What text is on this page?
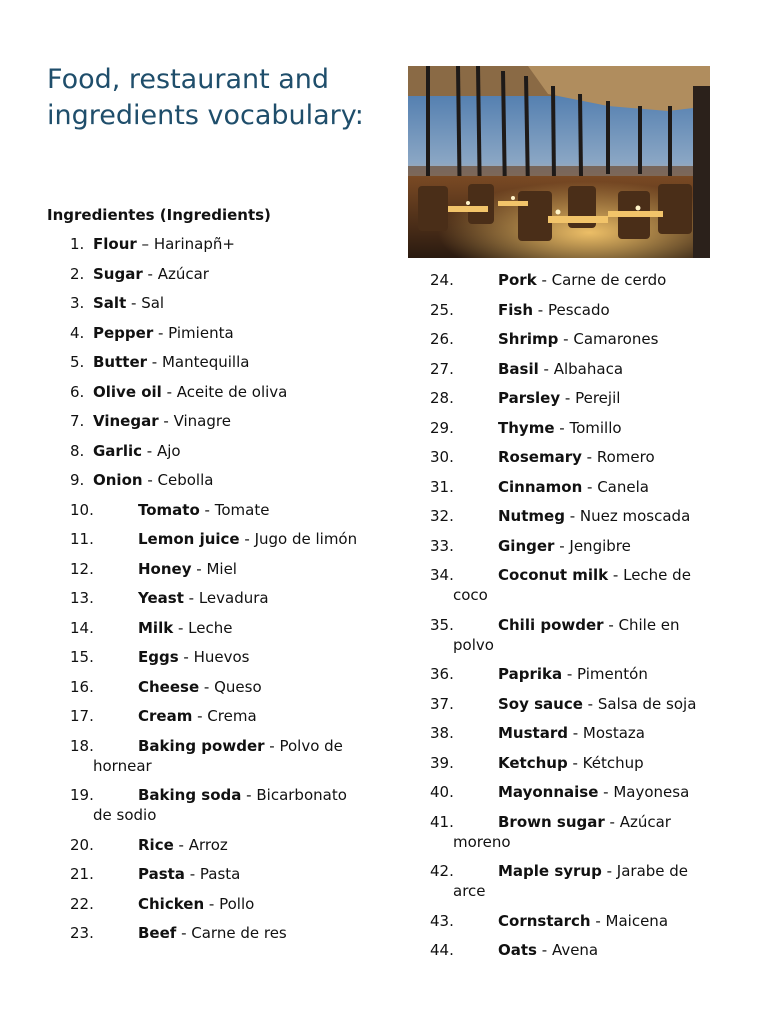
Food, restaurant and ingredients vocabulary:
Ingredientes (Ingredients)
1. Flour – Harinapñ+
2. Sugar - Azúcar
3. Salt - Sal
4. Pepper - Pimienta
5. Butter - Mantequilla
6. Olive oil - Aceite de oliva
7. Vinegar - Vinagre
8. Garlic - Ajo
9. Onion - Cebolla
10.	Tomato - Tomate
11.	Lemon juice - Jugo de limón
12.	Honey - Miel
13.	Yeast - Levadura
14.	Milk - Leche
15.	Eggs - Huevos
16.	Cheese - Queso
17.	Cream - Crema
18.	Baking powder - Polvo de hornear
19.	Baking soda - Bicarbonato de sodio
20.	Rice - Arroz
21.	Pasta - Pasta
22.	Chicken - Pollo
23.	Beef - Carne de res
24.	Pork - Carne de cerdo
25.	Fish - Pescado
26.	Shrimp - Camarones
27.	Basil - Albahaca
28.	Parsley - Perejil
29.	Thyme - Tomillo
30.	Rosemary - Romero
31.	Cinnamon - Canela
32.	Nutmeg - Nuez moscada
33.	Ginger - Jengibre
34.	Coconut milk - Leche de coco
35.	Chili powder - Chile en polvo
36.	Paprika - Pimentón
37.	Soy sauce - Salsa de soja
38.	Mustard - Mostaza
39.	Ketchup - Kétchup
40.	Mayonnaise - Mayonesa
41.	Brown sugar - Azúcar moreno
42.	Maple syrup - Jarabe de arce
43.	Cornstarch - Maicena
44.	Oats - Avena
